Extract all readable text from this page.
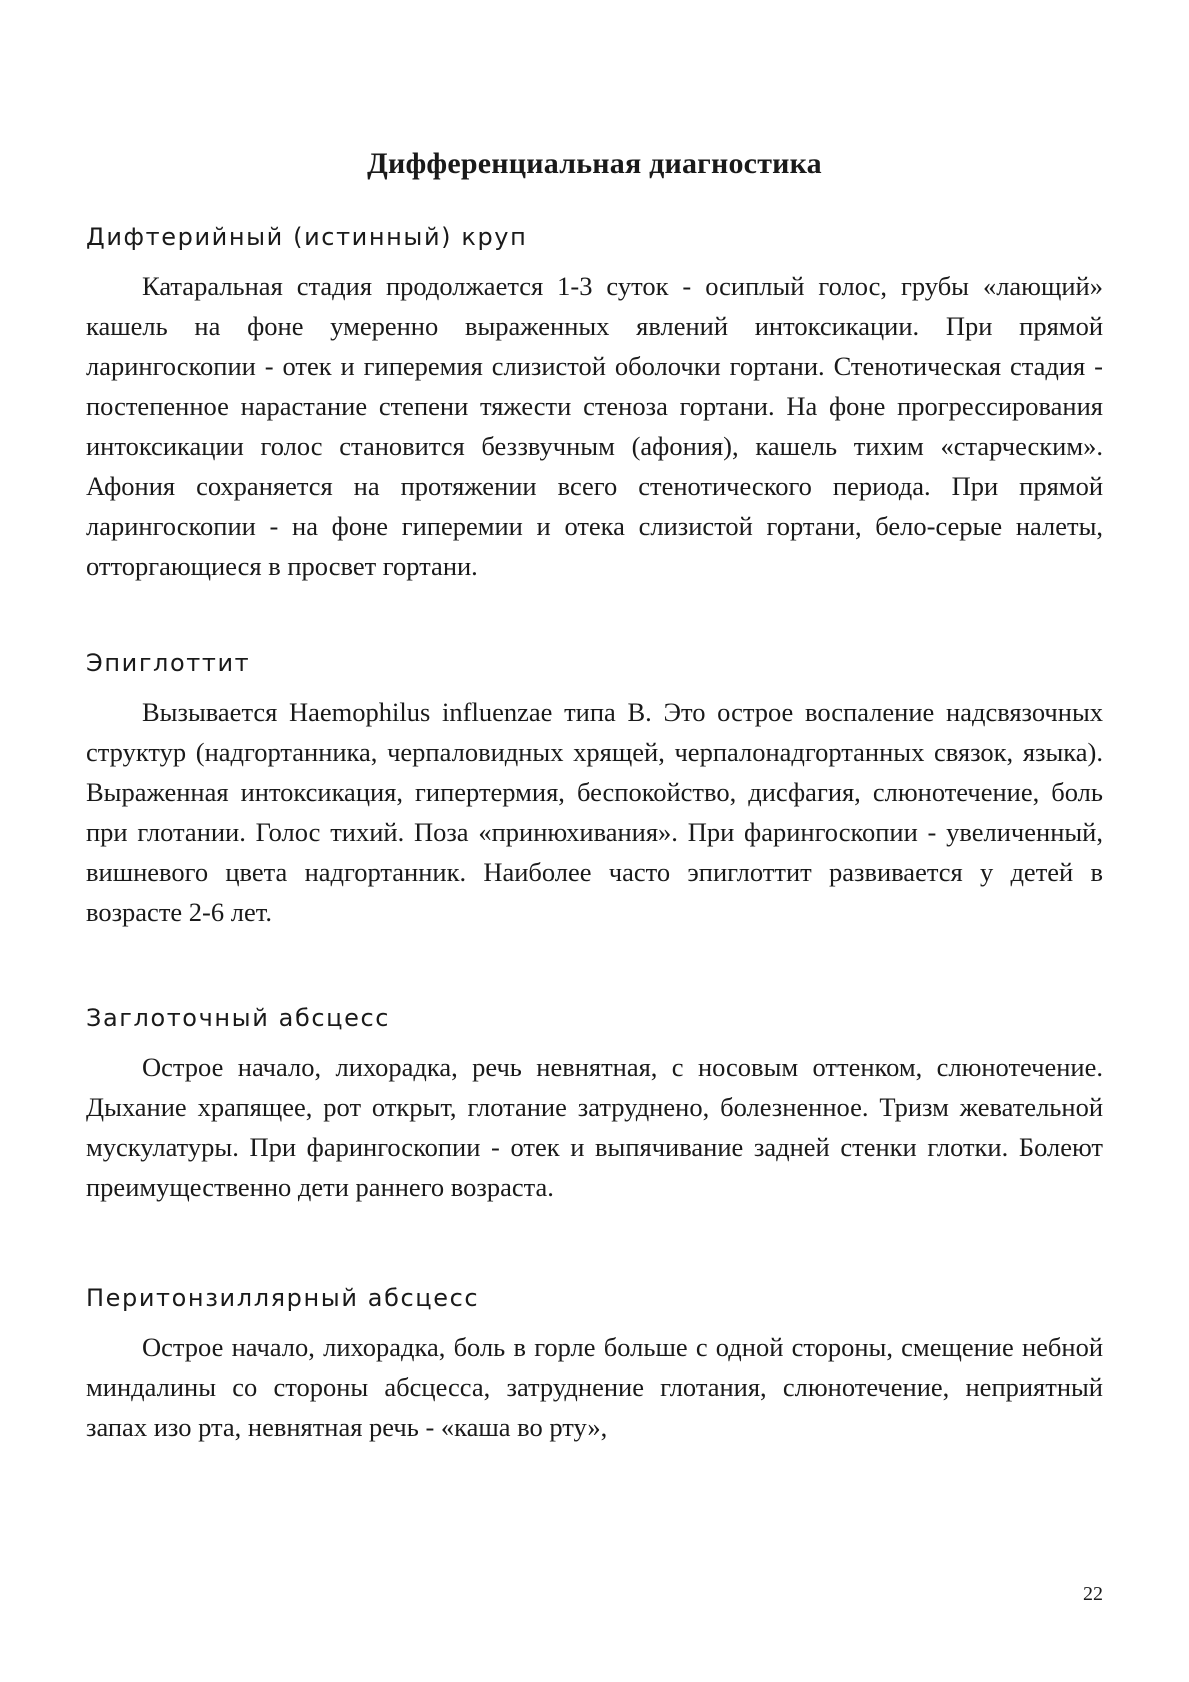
Дифференциальная диагностика
Дифтерийный (истинный) круп

Катаральная стадия продолжается 1-3 суток - осиплый голос, грубы «лающий» кашель на фоне умеренно выраженных явлений интоксикации. При прямой ларингоскопии - отек и гиперемия слизистой оболочки гортани. Стенотическая стадия - постепенное нарастание степени тяжести стеноза гортани. На фоне прогрессирования интоксикации голос становится беззвучным (афония), кашель тихим «старческим». Афония сохраняется на протяжении всего стенотического периода. При прямой ларингоскопии - на фоне гиперемии и отека слизистой гортани, бело-серые налеты, отторгающиеся в просвет гортани.

Эпиглоттит

Вызывается Haemophilus influenzae типа B. Это острое воспаление надсвязочных структур (надгортанника, черпаловидных хрящей, черпалонадгортанных связок, языка). Выраженная интоксикация, гипертермия, беспокойство, дисфагия, слюнотечение, боль при глотании. Голос тихий. Поза «принюхивания». При фарингоскопии - увеличенный, вишневого цвета надгортанник. Наиболее часто эпиглоттит развивается у детей в возрасте 2-6 лет.

Заглоточный абсцесс

Острое начало, лихорадка, речь невнятная, с носовым оттенком, слюнотечение. Дыхание храпящее, рот открыт, глотание затруднено, болезненное. Тризм жевательной мускулатуры. При фарингоскопии - отек и выпячивание задней стенки глотки. Болеют преимущественно дети раннего возраста.

Перитонзиллярный абсцесс

Острое начало, лихорадка, боль в горле больше с одной стороны, смещение небной миндалины со стороны абсцесса, затруднение глотания, слюнотечение, неприятный запах изо рта, невнятная речь - «каша во рту»,

22
